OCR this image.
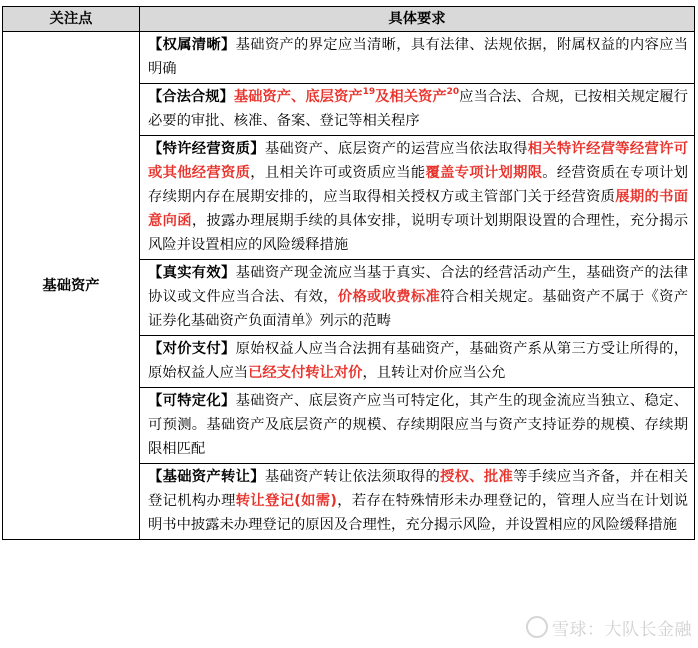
关注点	具体要求
基础资产	【权属清晰】基础资产的界定应当清晰，具有法律、法规依据，附属权益的内容应当明确
	【合法合规】基础资产、底层资产$^{19}$及相关资产$^{20}$应当合法、合规，已按相关规定履行必要的审批、核准、备案、登记等相关程序
	【特许经营资质】基础资产、底层资产的运营应当依法取得相关特许经营等经营许可或其他经营资质，且相关许可或资质应当能覆盖专项计划期限。经营资质在专项计划存续期内存在展期安排的，应当取得相关授权方或主管部门关于经营资质展期的书面意向函，披露办理展期手续的具体安排，说明专项计划期限设置的合理性，充分揭示风险并设置相应的风险缓释措施
	【真实有效】基础资产现金流应当基于真实、合法的经营活动产生，基础资产的法律协议或文件应当合法、有效，价格或收费标准符合相关规定。基础资产不属于《资产证券化基础资产负面清单》列示的范畴
	【对价支付】原始权益人应当合法拥有基础资产，基础资产系从第三方受让所得的，原始权益人应当已经支付转让对价，且转让对价应当公允
	【可特定化】基础资产、底层资产应当可特定化，其产生的现金流应当独立、稳定、可预测。基础资产及底层资产的规模、存续期限应当与资产支持证券的规模、存续期限相匹配
	【基础资产转让】基础资产转让依法须取得的授权、批准等手续应当齐备，并在相关登记机构办理转让登记(如需)，若存在特殊情形未办理登记的，管理人应当在计划说明书中披露未办理登记的原因及合理性，充分揭示风险，并设置相应的风险缓释措施
雪球：大队长金融
